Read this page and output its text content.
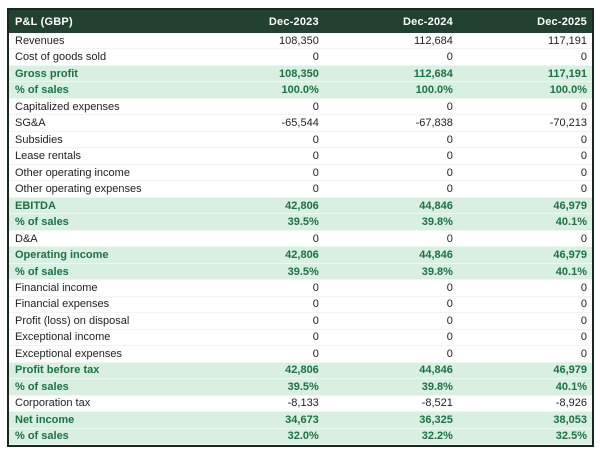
P&L (GBP)	Dec-2023	Dec-2024	Dec-2025
Revenues	108,350	112,684	117,191
Cost of goods sold	0	0	0
Gross profit	108,350	112,684	117,191
% of sales	100.0%	100.0%	100.0%
Capitalized expenses	0	0	0
SG&A	-65,544	-67,838	-70,213
Subsidies	0	0	0
Lease rentals	0	0	0
Other operating income	0	0	0
Other operating expenses	0	0	0
EBITDA	42,806	44,846	46,979
% of sales	39.5%	39.8%	40.1%
D&A	0	0	0
Operating income	42,806	44,846	46,979
% of sales	39.5%	39.8%	40.1%
Financial income	0	0	0
Financial expenses	0	0	0
Profit (loss) on disposal	0	0	0
Exceptional income	0	0	0
Exceptional expenses	0	0	0
Profit before tax	42,806	44,846	46,979
% of sales	39.5%	39.8%	40.1%
Corporation tax	-8,133	-8,521	-8,926
Net income	34,673	36,325	38,053
% of sales	32.0%	32.2%	32.5%
